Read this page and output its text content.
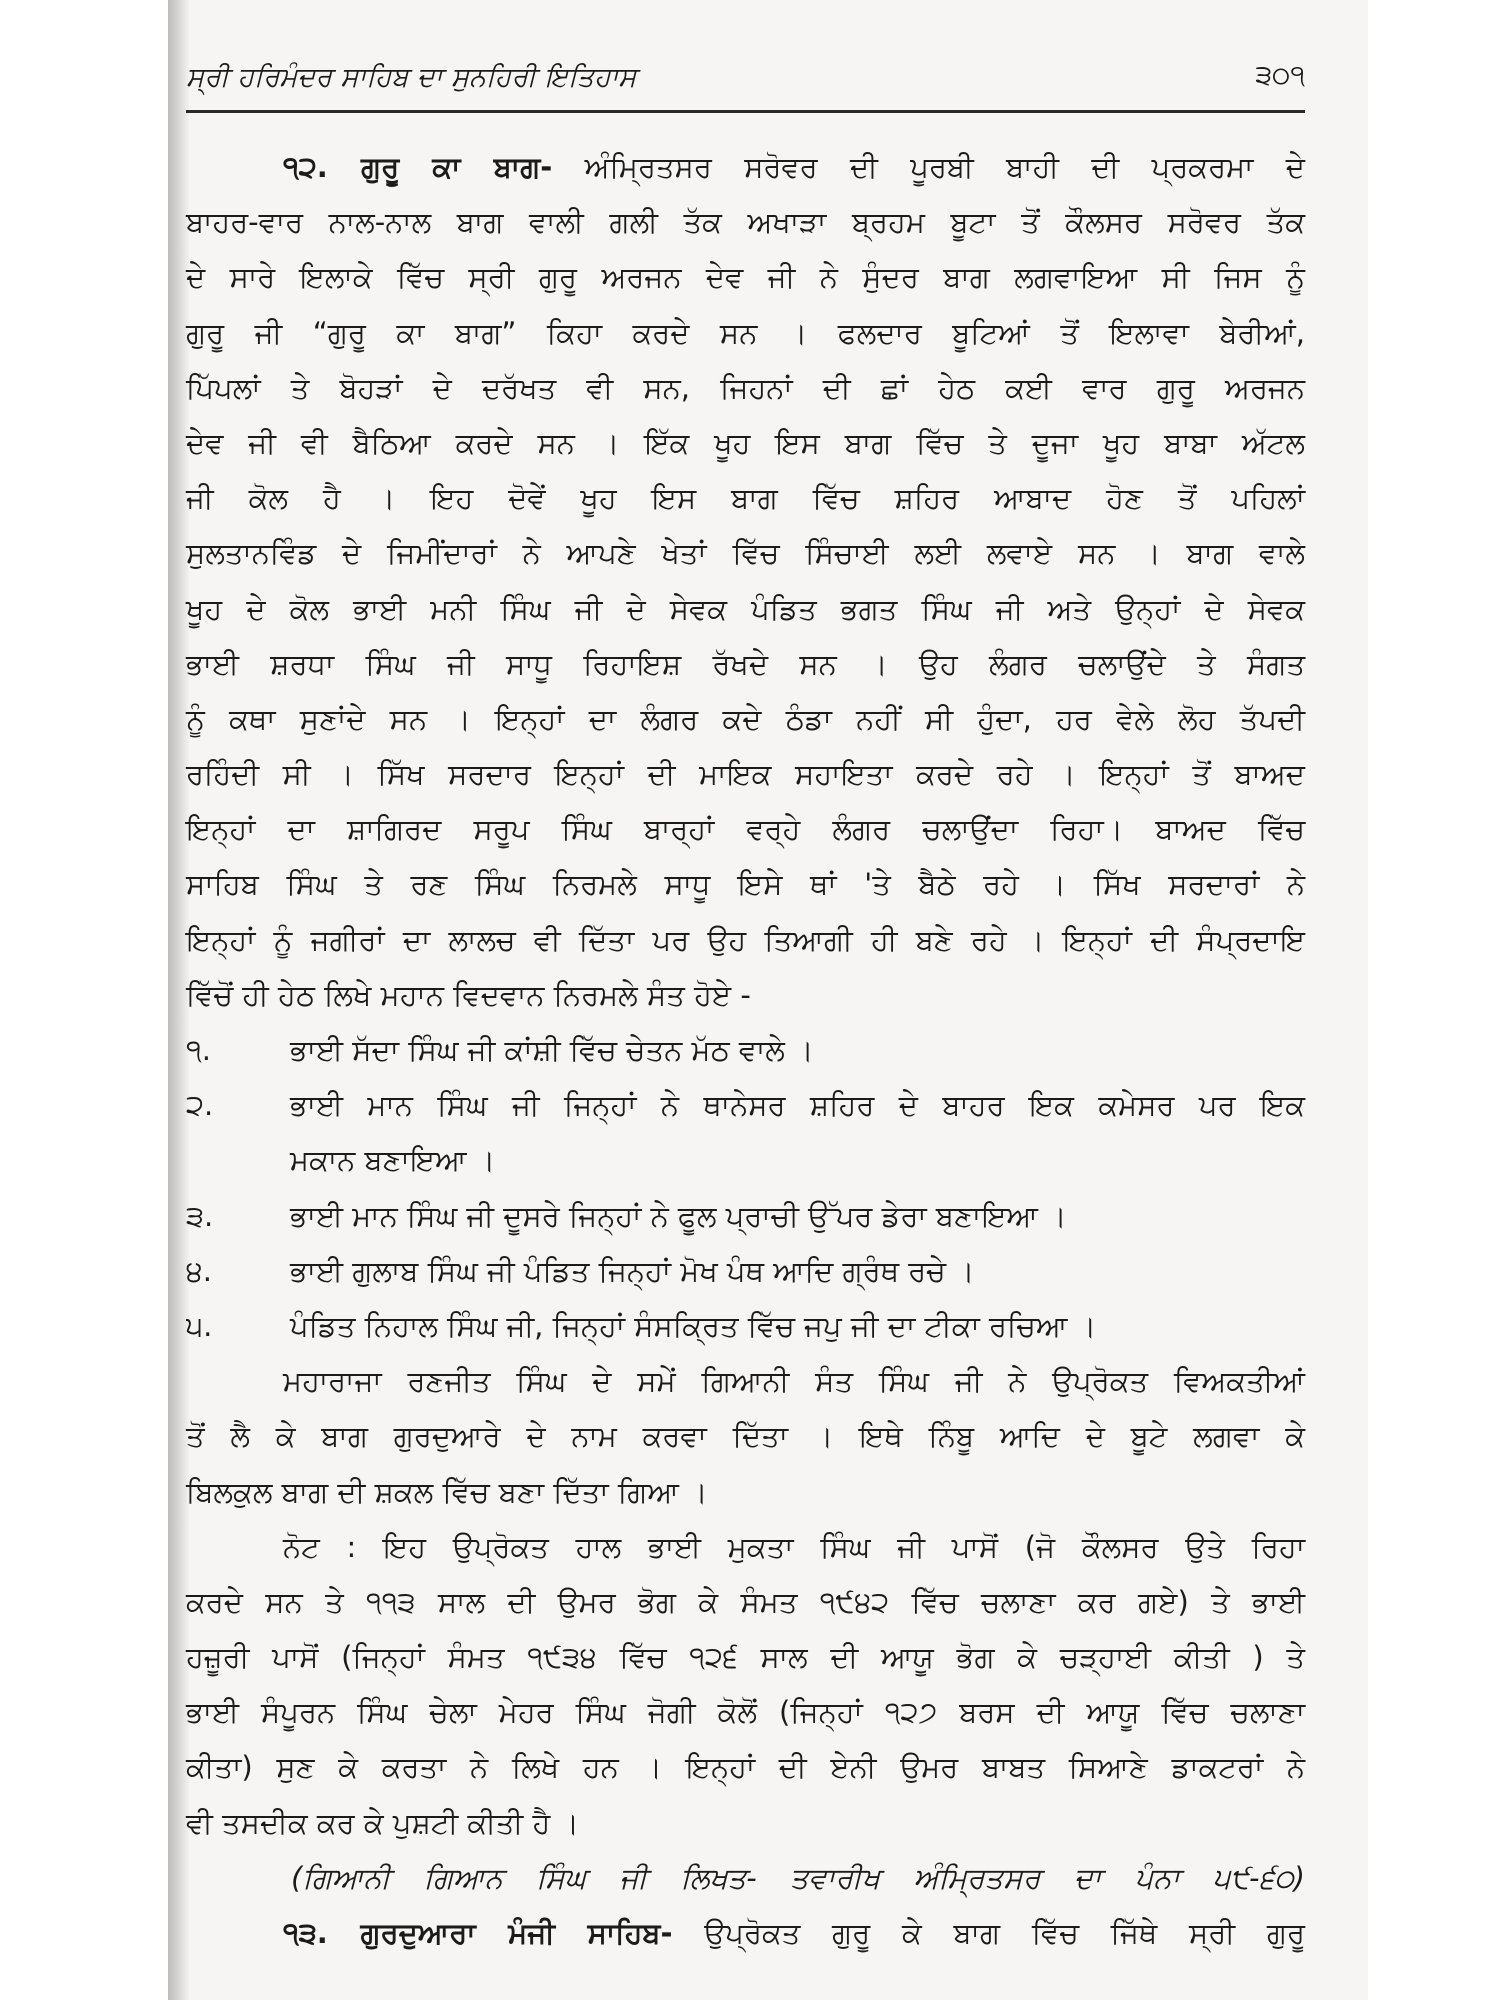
ਸ੍ਰੀ ਹਰਿਮੰਦਰ ਸਾਹਿਬ ਦਾ ਸੁਨਹਿਰੀ ਇਤਿਹਾਸ	੩੦੧
੧੨. ਗੁਰੂ ਕਾ ਬਾਗ- ਅੰਮ੍ਰਿਤਸਰ ਸਰੋਵਰ ਦੀ ਪੂਰਬੀ ਬਾਹੀ ਦੀ ਪ੍ਰਕਰਮਾ ਦੇ
ਬਾਹਰ-ਵਾਰ ਨਾਲ-ਨਾਲ ਬਾਗ ਵਾਲੀ ਗਲੀ ਤੱਕ ਅਖਾੜਾ ਬ੍ਰਹਮ ਬੂਟਾ ਤੋਂ ਕੌਲਸਰ ਸਰੋਵਰ ਤੱਕ
ਦੇ ਸਾਰੇ ਇਲਾਕੇ ਵਿੱਚ ਸ੍ਰੀ ਗੁਰੂ ਅਰਜਨ ਦੇਵ ਜੀ ਨੇ ਸੁੰਦਰ ਬਾਗ ਲਗਵਾਇਆ ਸੀ ਜਿਸ ਨੂੰ
ਗੁਰੂ ਜੀ “ਗੁਰੂ ਕਾ ਬਾਗ” ਕਿਹਾ ਕਰਦੇ ਸਨ । ਫਲਦਾਰ ਬੂਟਿਆਂ ਤੋਂ ਇਲਾਵਾ ਬੇਰੀਆਂ,
ਪਿੱਪਲਾਂ ਤੇ ਬੋਹੜਾਂ ਦੇ ਦਰੱਖਤ ਵੀ ਸਨ, ਜਿਹਨਾਂ ਦੀ ਛਾਂ ਹੇਠ ਕਈ ਵਾਰ ਗੁਰੂ ਅਰਜਨ
ਦੇਵ ਜੀ ਵੀ ਬੈਠਿਆ ਕਰਦੇ ਸਨ । ਇੱਕ ਖੂਹ ਇਸ ਬਾਗ ਵਿੱਚ ਤੇ ਦੂਜਾ ਖੂਹ ਬਾਬਾ ਅੱਟਲ
ਜੀ ਕੋਲ ਹੈ । ਇਹ ਦੋਵੇਂ ਖੂਹ ਇਸ ਬਾਗ ਵਿੱਚ ਸ਼ਹਿਰ ਆਬਾਦ ਹੋਣ ਤੋਂ ਪਹਿਲਾਂ
ਸੁਲਤਾਨਵਿੰਡ ਦੇ ਜਿਮੀਂਦਾਰਾਂ ਨੇ ਆਪਣੇ ਖੇਤਾਂ ਵਿੱਚ ਸਿੰਚਾਈ ਲਈ ਲਵਾਏ ਸਨ । ਬਾਗ ਵਾਲੇ
ਖੂਹ ਦੇ ਕੋਲ ਭਾਈ ਮਨੀ ਸਿੰਘ ਜੀ ਦੇ ਸੇਵਕ ਪੰਡਿਤ ਭਗਤ ਸਿੰਘ ਜੀ ਅਤੇ ਉਨ੍ਹਾਂ ਦੇ ਸੇਵਕ
ਭਾਈ ਸ਼ਰਧਾ ਸਿੰਘ ਜੀ ਸਾਧੂ ਰਿਹਾਇਸ਼ ਰੱਖਦੇ ਸਨ । ਉਹ ਲੰਗਰ ਚਲਾਉਂਦੇ ਤੇ ਸੰਗਤ
ਨੂੰ ਕਥਾ ਸੁਣਾਂਦੇ ਸਨ । ਇਨ੍ਹਾਂ ਦਾ ਲੰਗਰ ਕਦੇ ਠੰਡਾ ਨਹੀਂ ਸੀ ਹੁੰਦਾ, ਹਰ ਵੇਲੇ ਲੋਹ ਤੱਪਦੀ
ਰਹਿੰਦੀ ਸੀ । ਸਿੱਖ ਸਰਦਾਰ ਇਨ੍ਹਾਂ ਦੀ ਮਾਇਕ ਸਹਾਇਤਾ ਕਰਦੇ ਰਹੇ । ਇਨ੍ਹਾਂ ਤੋਂ ਬਾਅਦ
ਇਨ੍ਹਾਂ ਦਾ ਸ਼ਾਗਿਰਦ ਸਰੂਪ ਸਿੰਘ ਬਾਰ੍ਹਾਂ ਵਰ੍ਹੇ ਲੰਗਰ ਚਲਾਉਂਦਾ ਰਿਹਾ। ਬਾਅਦ ਵਿੱਚ
ਸਾਹਿਬ ਸਿੰਘ ਤੇ ਰਣ ਸਿੰਘ ਨਿਰਮਲੇ ਸਾਧੂ ਇਸੇ ਥਾਂ 'ਤੇ ਬੈਠੇ ਰਹੇ । ਸਿੱਖ ਸਰਦਾਰਾਂ ਨੇ
ਇਨ੍ਹਾਂ ਨੂੰ ਜਗੀਰਾਂ ਦਾ ਲਾਲਚ ਵੀ ਦਿੱਤਾ ਪਰ ਉਹ ਤਿਆਗੀ ਹੀ ਬਣੇ ਰਹੇ । ਇਨ੍ਹਾਂ ਦੀ ਸੰਪ੍ਰਦਾਇ
ਵਿੱਚੋਂ ਹੀ ਹੇਠ ਲਿਖੇ ਮਹਾਨ ਵਿਦਵਾਨ ਨਿਰਮਲੇ ਸੰਤ ਹੋਏ -
੧.	ਭਾਈ ਸੱਦਾ ਸਿੰਘ ਜੀ ਕਾਂਸ਼ੀ ਵਿੱਚ ਚੇਤਨ ਮੱਠ ਵਾਲੇ ।
੨.	ਭਾਈ ਮਾਨ ਸਿੰਘ ਜੀ ਜਿਨ੍ਹਾਂ ਨੇ ਥਾਨੇਸਰ ਸ਼ਹਿਰ ਦੇ ਬਾਹਰ ਇਕ ਕਮੇਸਰ ਪਰ ਇਕ
ਮਕਾਨ ਬਣਾਇਆ ।
੩.	ਭਾਈ ਮਾਨ ਸਿੰਘ ਜੀ ਦੂਸਰੇ ਜਿਨ੍ਹਾਂ ਨੇ ਫੂਲ ਪ੍ਰਾਚੀ ਉੱਪਰ ਡੇਰਾ ਬਣਾਇਆ ।
੪.	ਭਾਈ ਗੁਲਾਬ ਸਿੰਘ ਜੀ ਪੰਡਿਤ ਜਿਨ੍ਹਾਂ ਮੋਖ ਪੰਥ ਆਦਿ ਗ੍ਰੰਥ ਰਚੇ ।
੫.	ਪੰਡਿਤ ਨਿਹਾਲ ਸਿੰਘ ਜੀ, ਜਿਨ੍ਹਾਂ ਸੰਸਕ੍ਰਿਤ ਵਿੱਚ ਜਪੁ ਜੀ ਦਾ ਟੀਕਾ ਰਚਿਆ ।
ਮਹਾਰਾਜਾ ਰਣਜੀਤ ਸਿੰਘ ਦੇ ਸਮੇਂ ਗਿਆਨੀ ਸੰਤ ਸਿੰਘ ਜੀ ਨੇ ਉਪ੍ਰੋਕਤ ਵਿਅਕਤੀਆਂ
ਤੋਂ ਲੈ ਕੇ ਬਾਗ ਗੁਰਦੁਆਰੇ ਦੇ ਨਾਮ ਕਰਵਾ ਦਿੱਤਾ । ਇਥੇ ਨਿੰਬੂ ਆਦਿ ਦੇ ਬੂਟੇ ਲਗਵਾ ਕੇ
ਬਿਲਕੁਲ ਬਾਗ ਦੀ ਸ਼ਕਲ ਵਿੱਚ ਬਣਾ ਦਿੱਤਾ ਗਿਆ ।
ਨੋਟ : ਇਹ ਉਪ੍ਰੋਕਤ ਹਾਲ ਭਾਈ ਮੁਕਤਾ ਸਿੰਘ ਜੀ ਪਾਸੋਂ (ਜੋ ਕੌਲਸਰ ਉਤੇ ਰਿਹਾ
ਕਰਦੇ ਸਨ ਤੇ ੧੧੩ ਸਾਲ ਦੀ ਉਮਰ ਭੋਗ ਕੇ ਸੰਮਤ ੧੯੪੨ ਵਿੱਚ ਚਲਾਣਾ ਕਰ ਗਏ) ਤੇ ਭਾਈ
ਹਜ਼ੂਰੀ ਪਾਸੋਂ (ਜਿਨ੍ਹਾਂ ਸੰਮਤ ੧੯੩੪ ਵਿੱਚ ੧੨੬ ਸਾਲ ਦੀ ਆਯੂ ਭੋਗ ਕੇ ਚੜ੍ਹਾਈ ਕੀਤੀ ) ਤੇ
ਭਾਈ ਸੰਪੂਰਨ ਸਿੰਘ ਚੇਲਾ ਮੇਹਰ ਸਿੰਘ ਜੋਗੀ ਕੋਲੋਂ (ਜਿਨ੍ਹਾਂ ੧੨੭ ਬਰਸ ਦੀ ਆਯੂ ਵਿੱਚ ਚਲਾਣਾ
ਕੀਤਾ) ਸੁਣ ਕੇ ਕਰਤਾ ਨੇ ਲਿਖੇ ਹਨ । ਇਨ੍ਹਾਂ ਦੀ ਏਨੀ ਉਮਰ ਬਾਬਤ ਸਿਆਣੇ ਡਾਕਟਰਾਂ ਨੇ
ਵੀ ਤਸਦੀਕ ਕਰ ਕੇ ਪੁਸ਼ਟੀ ਕੀਤੀ ਹੈ ।
(ਗਿਆਨੀ ਗਿਆਨ ਸਿੰਘ ਜੀ ਲਿਖਤ- ਤਵਾਰੀਖ ਅੰਮ੍ਰਿਤਸਰ ਦਾ ਪੰਨਾ ੫੯-੬੦)
੧੩. ਗੁਰਦੁਆਰਾ ਮੰਜੀ ਸਾਹਿਬ- ਉਪ੍ਰੋਕਤ ਗੁਰੂ ਕੇ ਬਾਗ ਵਿੱਚ ਜਿੱਥੇ ਸ੍ਰੀ ਗੁਰੂ
